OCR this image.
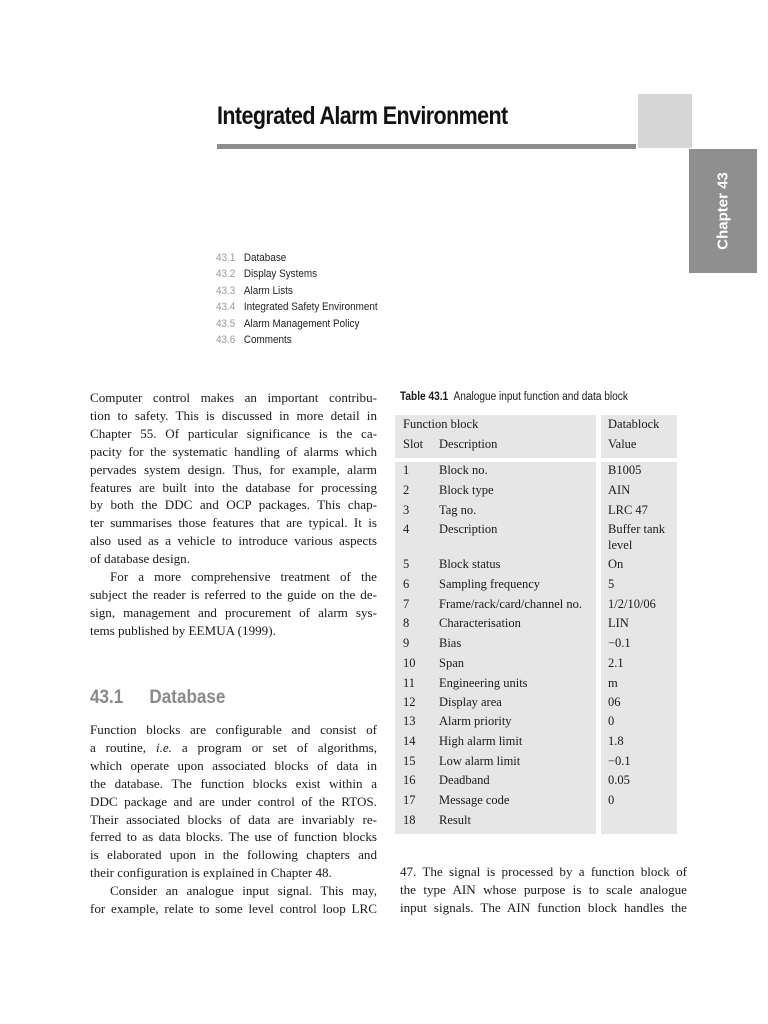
Chapter 43
Integrated Alarm Environment
43.1 Database
43.2 Display Systems
43.3 Alarm Lists
43.4 Integrated Safety Environment
43.5 Alarm Management Policy
43.6 Comments
Computer control makes an important contribu-
tion to safety. This is discussed in more detail in
Chapter 55. Of particular significance is the ca-
pacity for the systematic handling of alarms which
pervades system design. Thus, for example, alarm
features are built into the database for processing
by both the DDC and OCP packages. This chap-
ter summarises those features that are typical. It is
also used as a vehicle to introduce various aspects
of database design.
For a more comprehensive treatment of the
subject the reader is referred to the guide on the de-
sign, management and procurement of alarm sys-
tems published by EEMUA (1999).
43.1 Database
Function blocks are configurable and consist of
a routine, i.e. a program or set of algorithms,
which operate upon associated blocks of data in
the database. The function blocks exist within a
DDC package and are under control of the RTOS.
Their associated blocks of data are invariably re-
ferred to as data blocks. The use of function blocks
is elaborated upon in the following chapters and
their configuration is explained in Chapter 48.
Consider an analogue input signal. This may,
for example, relate to some level control loop LRC
Table 43.1 Analogue input function and data block
Function block	Datablock
Slot Description	Value
1 Block no.	B1005
2 Block type	AIN
3 Tag no.	LRC 47
4 Description	Buffer tank
level
5 Block status	On
6 Sampling frequency	5
7 Frame/rack/card/channel no. 1/2/10/06
8 Characterisation	LIN
9 Bias	−0.1
10 Span	2.1
11 Engineering units	m
12 Display area	06
13 Alarm priority	0
14 High alarm limit	1.8
15 Low alarm limit	−0.1
16 Deadband	0.05
17 Message code	0
18 Result
47. The signal is processed by a function block of
the type AIN whose purpose is to scale analogue
input signals. The AIN function block handles the
